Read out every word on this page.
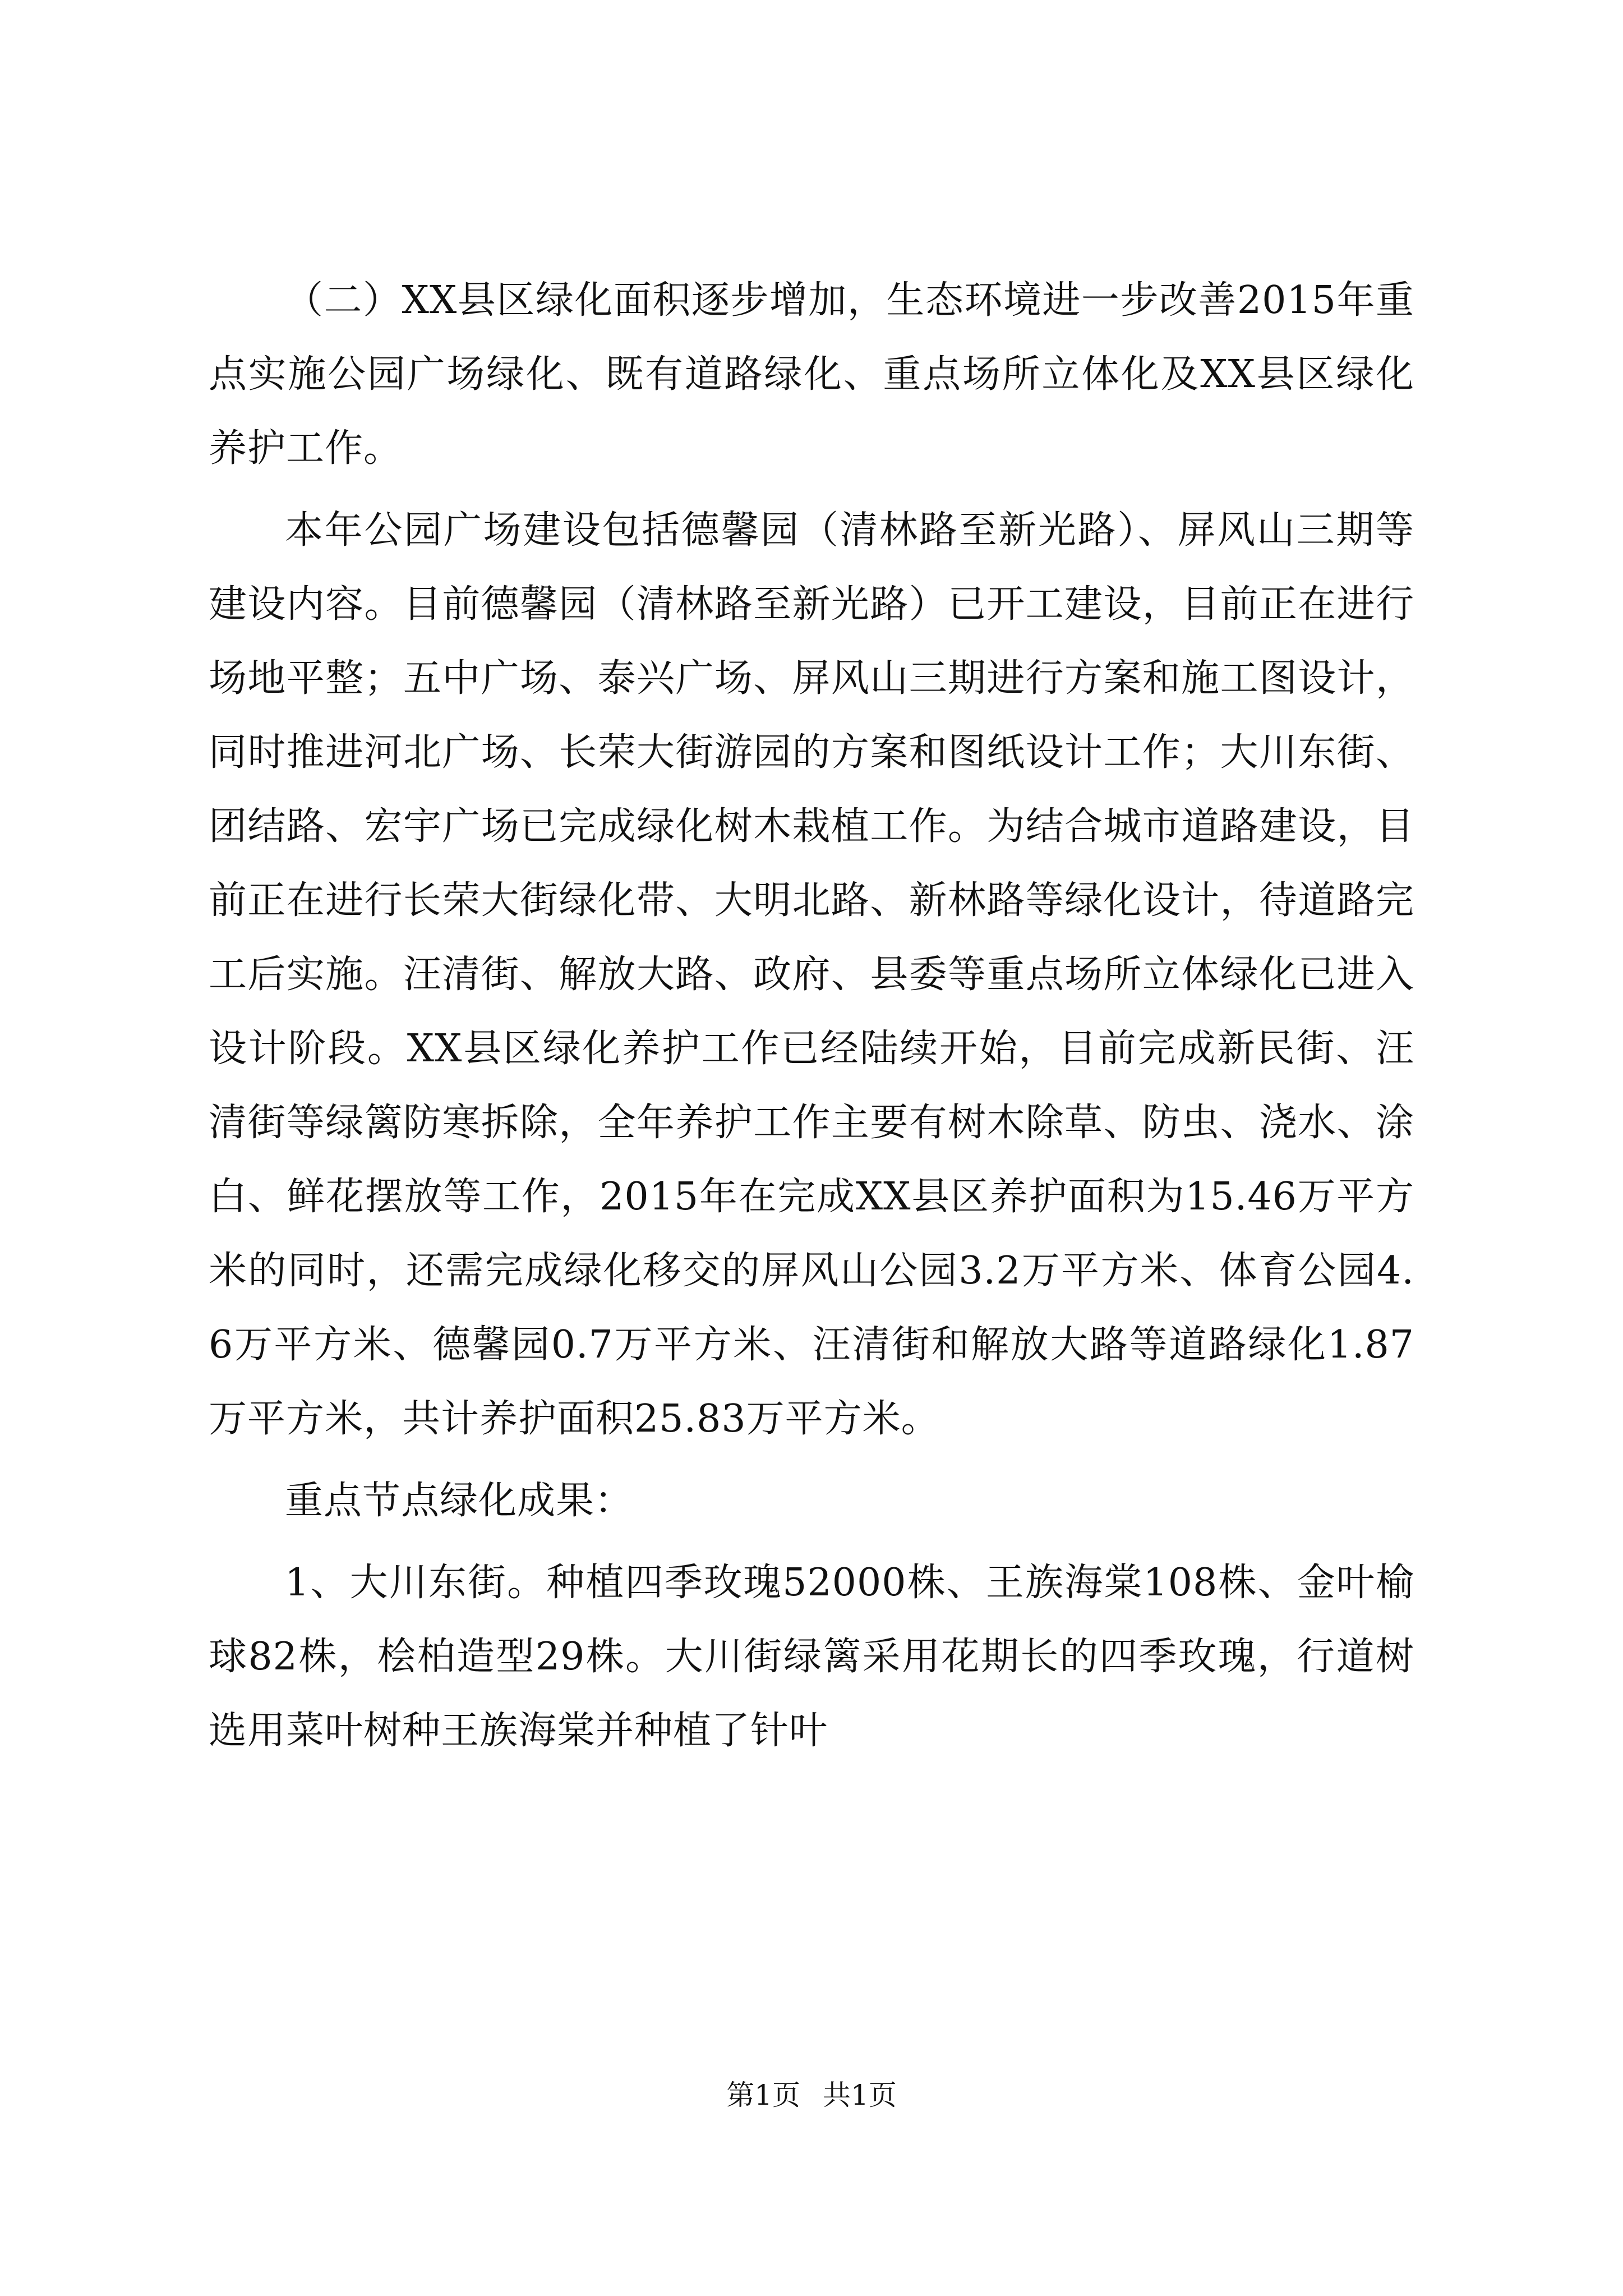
（二）XX县区绿化面积逐步增加，生态环境进一步改善2015年重点实施公园广场绿化、既有道路绿化、重点场所立体化及XX县区绿化养护工作。

本年公园广场建设包括德馨园（清林路至新光路）、屏风山三期等建设内容。目前德馨园（清林路至新光路）已开工建设，目前正在进行场地平整；五中广场、泰兴广场、屏风山三期进行方案和施工图设计，同时推进河北广场、长荣大街游园的方案和图纸设计工作；大川东街、团结路、宏宇广场已完成绿化树木栽植工作。为结合城市道路建设，目前正在进行长荣大街绿化带、大明北路、新林路等绿化设计，待道路完工后实施。汪清街、解放大路、政府、县委等重点场所立体绿化已进入设计阶段。XX县区绿化养护工作已经陆续开始，目前完成新民街、汪清街等绿篱防寒拆除，全年养护工作主要有树木除草、防虫、浇水、涂白、鲜花摆放等工作，2015年在完成XX县区养护面积为15.46万平方米的同时，还需完成绿化移交的屏风山公园3.2万平方米、体育公园4.6万平方米、德馨园0.7万平方米、汪清街和解放大路等道路绿化1.87万平方米，共计养护面积25.83万平方米。

重点节点绿化成果：

1、大川东街。种植四季玫瑰52000株、王族海棠108株、金叶榆球82株，桧柏造型29株。大川街绿篱采用花期长的四季玫瑰，行道树选用菜叶树种王族海棠并种植了针叶

第1页 共1页
